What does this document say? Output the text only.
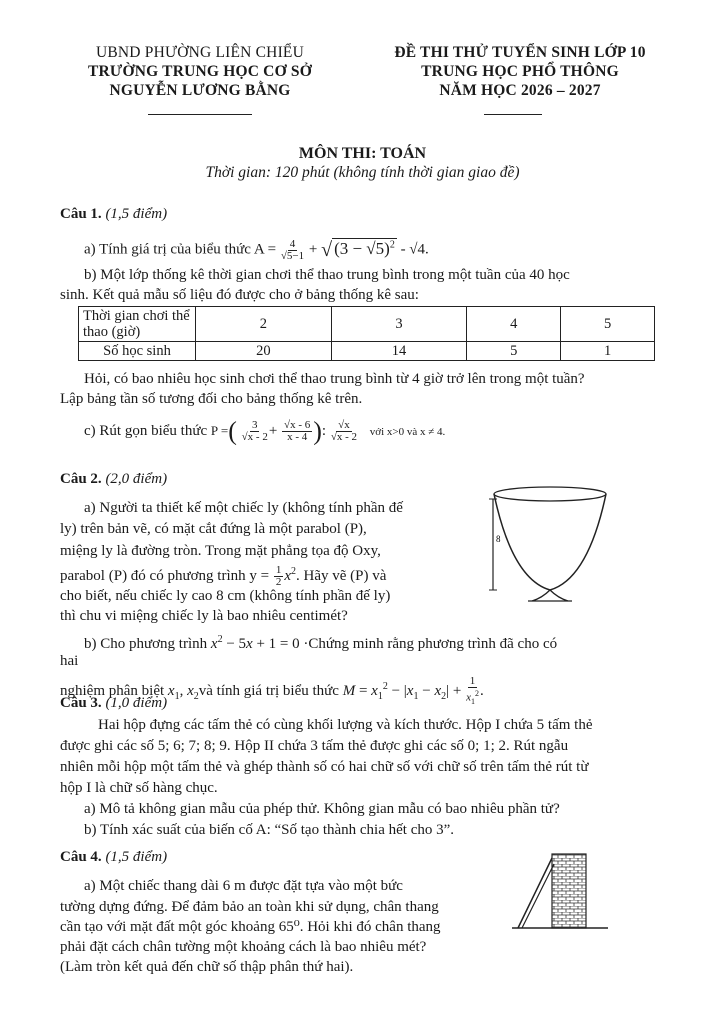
UBND PHƯỜNG LIÊN CHIỂU
TRƯỜNG TRUNG HỌC CƠ SỞ
NGUYỄN LƯƠNG BẰNG
ĐỀ THI THỬ TUYỂN SINH LỚP 10
TRUNG HỌC PHỔ THÔNG
NĂM HỌC 2026 – 2027
MÔN THI: TOÁN
Thời gian: 120 phút (không tính thời gian giao đề)
Câu 1. (1,5 điểm)
a) Tính giá trị của biểu thức $A = \frac{4}{√5-1}$ + √ $(3 - √5)^2 - √4$.
b) Một lớp thống kê thời gian chơi thể thao trung bình trong một tuần của 40 học
sinh. Kết quả mẫu số liệu đó được cho ở bảng thống kê sau:
Thời gian chơi thể thao (giờ)	2	3	4	5
Số học sinh	20	14	5	1
Hỏi, có bao nhiêu học sinh chơi thể thao trung bình từ 4 giờ trở lên trong một tuần?
Lập bảng tần số tương đối cho bảng thống kê trên.
c) Rút gọn biểu thức P =( $\frac{3}{√x - 2} + \frac{√x - 6}{x - 4}$ ): $\frac{√x}{√x - 2}$ với x>0 và x ≠ 4.
Câu 2. (2,0 điểm)
a) Người ta thiết kế một chiếc ly (không tính phần đế
ly) trên bản vẽ, có mặt cắt đứng là một parabol (P),
miệng ly là đường tròn. Trong mặt phẳng tọa độ Oxy,
parabol (P) đó có phương trình $y = \frac{1}{2} x^2$. Hãy vẽ (P) và
cho biết, nếu chiếc ly cao 8 cm (không tính phần đế ly)
thì chu vi miệng chiếc ly là bao nhiêu centimét?
8
b) Cho phương trình $x^2 - 5x + 1 = 0$ ·Chứng minh rằng phương trình đã cho có
hai
nghiệm phân biệt $x_1$, $x_2và$ tính giá trị biểu thức $M = x_1^2 - |x_1 - x_2| + \frac{1}{x_1^2}$ .
Câu 3. (1,0 điểm)
Hai hộp đựng các tấm thẻ có cùng khối lượng và kích thước. Hộp I chứa 5 tấm thẻ
được ghi các số 5; 6; 7; 8; 9. Hộp II chứa 3 tấm thẻ được ghi các số 0; 1; 2. Rút ngẫu
nhiên mỗi hộp một tấm thẻ và ghép thành số có hai chữ số với chữ số trên tấm thẻ rút từ
hộp I là chữ số hàng chục.
a) Mô tả không gian mẫu của phép thử. Không gian mẫu có bao nhiêu phần tử?
b) Tính xác suất của biến cố A: “Số tạo thành chia hết cho 3”.
Câu 4. (1,5 điểm)
a) Một chiếc thang dài 6 m được đặt tựa vào một bức
tường dựng đứng. Để đảm bảo an toàn khi sử dụng, chân thang
cần tạo với mặt đất một góc khoảng 65⁰. Hỏi khi đó chân thang
phải đặt cách chân tường một khoảng cách là bao nhiêu mét?
(Làm tròn kết quả đến chữ số thập phân thứ hai).
